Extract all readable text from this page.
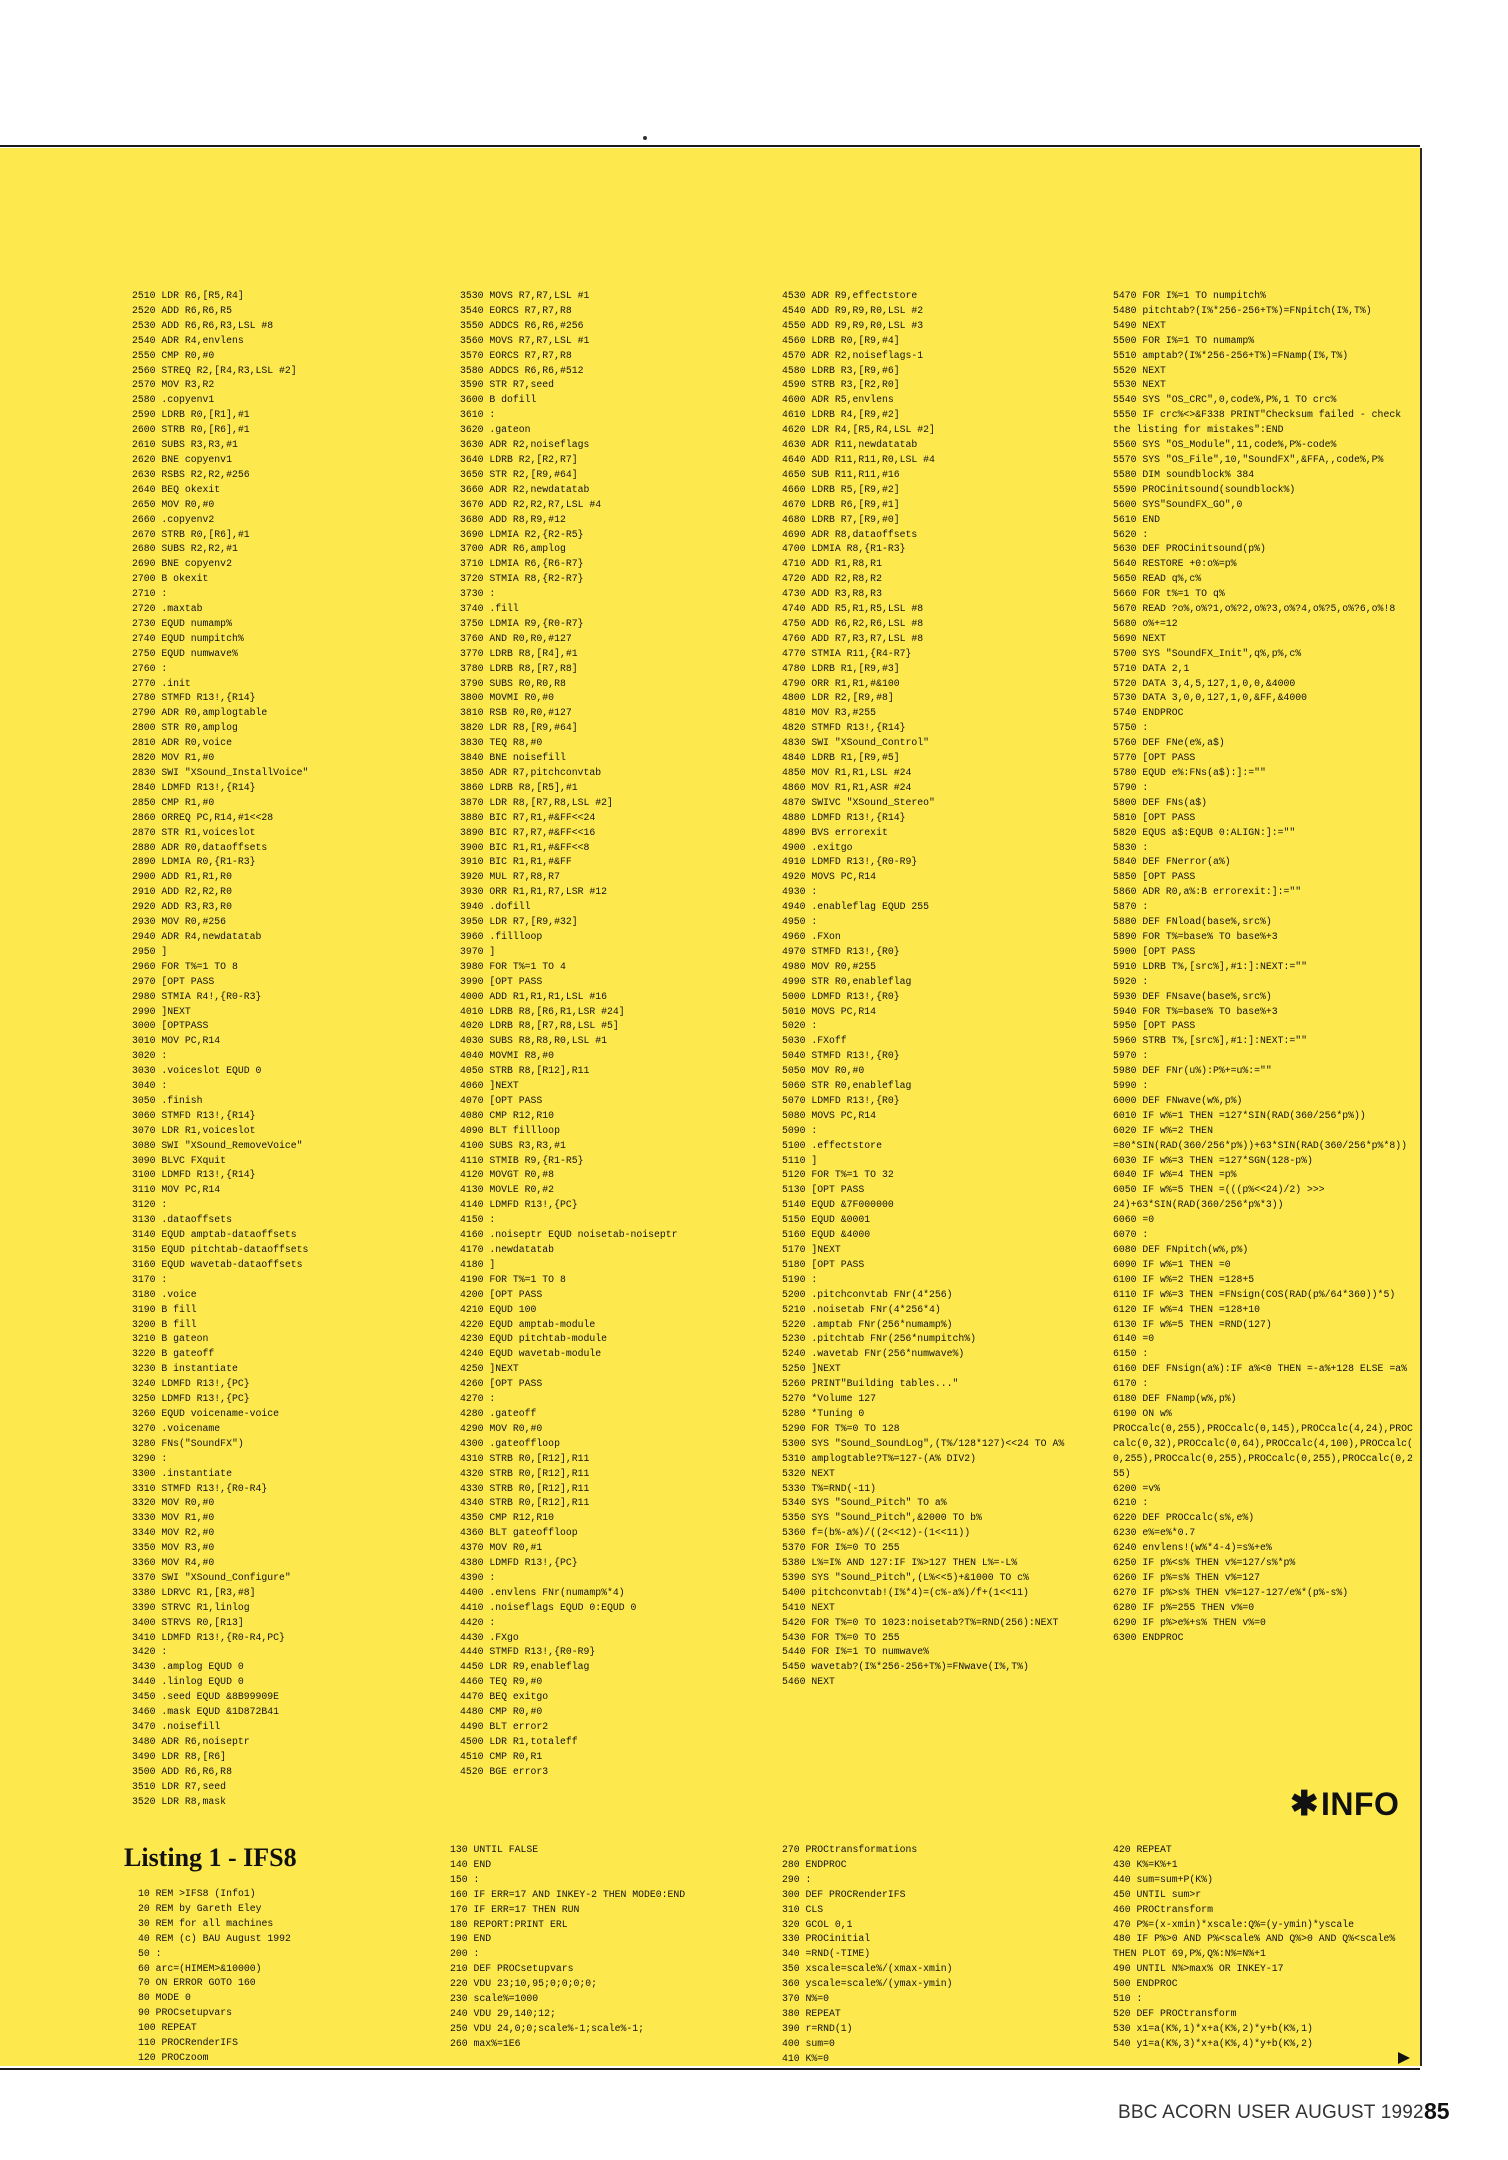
2510 LDR R6,[R5,R4]
2520 ADD R6,R6,R5
2530 ADD R6,R6,R3,LSL #8
2540 ADR R4,envlens
2550 CMP R0,#0
2560 STREQ R2,[R4,R3,LSL #2]
2570 MOV R3,R2
2580 .copyenv1
2590 LDRB R0,[R1],#1
2600 STRB R0,[R6],#1
2610 SUBS R3,R3,#1
2620 BNE copyenv1
2630 RSBS R2,R2,#256
2640 BEQ okexit
2650 MOV R0,#0
2660 .copyenv2
2670 STRB R0,[R6],#1
2680 SUBS R2,R2,#1
2690 BNE copyenv2
2700 B okexit
2710 :
2720 .maxtab
2730 EQUD numamp%
2740 EQUD numpitch%
2750 EQUD numwave%
2760 :
2770 .init
2780 STMFD R13!,{R14}
2790 ADR R0,amplogtable
2800 STR R0,amplog
2810 ADR R0,voice
2820 MOV R1,#0
2830 SWI "XSound_InstallVoice"
2840 LDMFD R13!,{R14}
2850 CMP R1,#0
2860 ORREQ PC,R14,#1<<28
2870 STR R1,voiceslot
2880 ADR R0,dataoffsets
2890 LDMIA R0,{R1-R3}
2900 ADD R1,R1,R0
2910 ADD R2,R2,R0
2920 ADD R3,R3,R0
2930 MOV R0,#256
2940 ADR R4,newdatatab
2950 ]
2960 FOR T%=1 TO 8
2970 [OPT PASS
2980 STMIA R4!,{R0-R3}
2990 ]NEXT
3000 [OPTPASS
3010 MOV PC,R14
3020 :
3030 .voiceslot EQUD 0
3040 :
3050 .finish
3060 STMFD R13!,{R14}
3070 LDR R1,voiceslot
3080 SWI "XSound_RemoveVoice"
3090 BLVC FXquit
3100 LDMFD R13!,{R14}
3110 MOV PC,R14
3120 :
3130 .dataoffsets
3140 EQUD amptab-dataoffsets
3150 EQUD pitchtab-dataoffsets
3160 EQUD wavetab-dataoffsets
3170 :
3180 .voice
3190 B fill
3200 B fill
3210 B gateon
3220 B gateoff
3230 B instantiate
3240 LDMFD R13!,{PC}
3250 LDMFD R13!,{PC}
3260 EQUD voicename-voice
3270 .voicename
3280 FNs("SoundFX")
3290 :
3300 .instantiate
3310 STMFD R13!,{R0-R4}
3320 MOV R0,#0
3330 MOV R1,#0
3340 MOV R2,#0
3350 MOV R3,#0
3360 MOV R4,#0
3370 SWI "XSound_Configure"
3380 LDRVC R1,[R3,#8]
3390 STRVC R1,linlog
3400 STRVS R0,[R13]
3410 LDMFD R13!,{R0-R4,PC}
3420 :
3430 .amplog EQUD 0
3440 .linlog EQUD 0
3450 .seed EQUD &8B99909E
3460 .mask EQUD &1D872B41
3470 .noisefill
3480 ADR R6,noiseptr
3490 LDR R8,[R6]
3500 ADD R6,R6,R8
3510 LDR R7,seed
3520 LDR R8,mask
3530 MOVS R7,R7,LSL #1
3540 EORCS R7,R7,R8
3550 ADDCS R6,R6,#256
3560 MOVS R7,R7,LSL #1
3570 EORCS R7,R7,R8
3580 ADDCS R6,R6,#512
3590 STR R7,seed
3600 B dofill
3610 :
3620 .gateon
3630 ADR R2,noiseflags
3640 LDRB R2,[R2,R7]
3650 STR R2,[R9,#64]
3660 ADR R2,newdatatab
3670 ADD R2,R2,R7,LSL #4
3680 ADD R8,R9,#12
3690 LDMIA R2,{R2-R5}
3700 ADR R6,amplog
3710 LDMIA R6,{R6-R7}
3720 STMIA R8,{R2-R7}
3730 :
3740 .fill
3750 LDMIA R9,{R0-R7}
3760 AND R0,R0,#127
3770 LDRB R8,[R4],#1
3780 LDRB R8,[R7,R8]
3790 SUBS R0,R0,R8
3800 MOVMI R0,#0
3810 RSB R0,R0,#127
3820 LDR R8,[R9,#64]
3830 TEQ R8,#0
3840 BNE noisefill
3850 ADR R7,pitchconvtab
3860 LDRB R8,[R5],#1
3870 LDR R8,[R7,R8,LSL #2]
3880 BIC R7,R1,#&FF<<24
3890 BIC R7,R7,#&FF<<16
3900 BIC R1,R1,#&FF<<8
3910 BIC R1,R1,#&FF
3920 MUL R7,R8,R7
3930 ORR R1,R1,R7,LSR #12
3940 .dofill
3950 LDR R7,[R9,#32]
3960 .fillloop
3970 ]
3980 FOR T%=1 TO 4
3990 [OPT PASS
4000 ADD R1,R1,R1,LSL #16
4010 LDRB R8,[R6,R1,LSR #24]
4020 LDRB R8,[R7,R8,LSL #5]
4030 SUBS R8,R8,R0,LSL #1
4040 MOVMI R8,#0
4050 STRB R8,[R12],R11
4060 ]NEXT
4070 [OPT PASS
4080 CMP R12,R10
4090 BLT fillloop
4100 SUBS R3,R3,#1
4110 STMIB R9,{R1-R5}
4120 MOVGT R0,#8
4130 MOVLE R0,#2
4140 LDMFD R13!,{PC}
4150 :
4160 .noiseptr EQUD noisetab-noiseptr
4170 .newdatatab
4180 ]
4190 FOR T%=1 TO 8
4200 [OPT PASS
4210 EQUD 100
4220 EQUD amptab-module
4230 EQUD pitchtab-module
4240 EQUD wavetab-module
4250 ]NEXT
4260 [OPT PASS
4270 :
4280 .gateoff
4290 MOV R0,#0
4300 .gateoffloop
4310 STRB R0,[R12],R11
4320 STRB R0,[R12],R11
4330 STRB R0,[R12],R11
4340 STRB R0,[R12],R11
4350 CMP R12,R10
4360 BLT gateoffloop
4370 MOV R0,#1
4380 LDMFD R13!,{PC}
4390 :
4400 .envlens FNr(numamp%*4)
4410 .noiseflags EQUD 0:EQUD 0
4420 :
4430 .FXgo
4440 STMFD R13!,{R0-R9}
4450 LDR R9,enableflag
4460 TEQ R9,#0
4470 BEQ exitgo
4480 CMP R0,#0
4490 BLT error2
4500 LDR R1,totaleff
4510 CMP R0,R1
4520 BGE error3
4530 ADR R9,effectstore
4540 ADD R9,R9,R0,LSL #2
4550 ADD R9,R9,R0,LSL #3
4560 LDRB R0,[R9,#4]
4570 ADR R2,noiseflags-1
4580 LDRB R3,[R9,#6]
4590 STRB R3,[R2,R0]
4600 ADR R5,envlens
4610 LDRB R4,[R9,#2]
4620 LDR R4,[R5,R4,LSL #2]
4630 ADR R11,newdatatab
4640 ADD R11,R11,R0,LSL #4
4650 SUB R11,R11,#16
4660 LDRB R5,[R9,#2]
4670 LDRB R6,[R9,#1]
4680 LDRB R7,[R9,#0]
4690 ADR R8,dataoffsets
4700 LDMIA R8,{R1-R3}
4710 ADD R1,R8,R1
4720 ADD R2,R8,R2
4730 ADD R3,R8,R3
4740 ADD R5,R1,R5,LSL #8
4750 ADD R6,R2,R6,LSL #8
4760 ADD R7,R3,R7,LSL #8
4770 STMIA R11,{R4-R7}
4780 LDRB R1,[R9,#3]
4790 ORR R1,R1,#&100
4800 LDR R2,[R9,#8]
4810 MOV R3,#255
4820 STMFD R13!,{R14}
4830 SWI "XSound_Control"
4840 LDRB R1,[R9,#5]
4850 MOV R1,R1,LSL #24
4860 MOV R1,R1,ASR #24
4870 SWIVC "XSound_Stereo"
4880 LDMFD R13!,{R14}
4890 BVS errorexit
4900 .exitgo
4910 LDMFD R13!,{R0-R9}
4920 MOVS PC,R14
4930 :
4940 .enableflag EQUD 255
4950 :
4960 .FXon
4970 STMFD R13!,{R0}
4980 MOV R0,#255
4990 STR R0,enableflag
5000 LDMFD R13!,{R0}
5010 MOVS PC,R14
5020 :
5030 .FXoff
5040 STMFD R13!,{R0}
5050 MOV R0,#0
5060 STR R0,enableflag
5070 LDMFD R13!,{R0}
5080 MOVS PC,R14
5090 :
5100 .effectstore
5110 ]
5120 FOR T%=1 TO 32
5130 [OPT PASS
5140 EQUD &7F000000
5150 EQUD &0001
5160 EQUD &4000
5170 ]NEXT
5180 [OPT PASS
5190 :
5200 .pitchconvtab FNr(4*256)
5210 .noisetab FNr(4*256*4)
5220 .amptab FNr(256*numamp%)
5230 .pitchtab FNr(256*numpitch%)
5240 .wavetab FNr(256*numwave%)
5250 ]NEXT
5260 PRINT"Building tables..."
5270 *Volume 127
5280 *Tuning 0
5290 FOR T%=0 TO 128
5300 SYS "Sound_SoundLog",(T%/128*127)<<24 TO A%
5310 amplogtable?T%=127-(A% DIV2)
5320 NEXT
5330 T%=RND(-11)
5340 SYS "Sound_Pitch" TO a%
5350 SYS "Sound_Pitch",&2000 TO b%
5360 f=(b%-a%)/((2<<12)-(1<<11))
5370 FOR I%=0 TO 255
5380 L%=I% AND 127:IF I%>127 THEN L%=-L%
5390 SYS "Sound_Pitch",(L%<<5)+&1000 TO c%
5400 pitchconvtab!(I%*4)=(c%-a%)/f+(1<<11)
5410 NEXT
5420 FOR T%=0 TO 1023:noisetab?T%=RND(256):NEXT
5430 FOR T%=0 TO 255
5440 FOR I%=1 TO numwave%
5450 wavetab?(I%*256-256+T%)=FNwave(I%,T%)
5460 NEXT
5470 FOR I%=1 TO numpitch%
5480 pitchtab?(I%*256-256+T%)=FNpitch(I%,T%)
5490 NEXT
5500 FOR I%=1 TO numamp%
5510 amptab?(I%*256-256+T%)=FNamp(I%,T%)
5520 NEXT
5530 NEXT
5540 SYS "OS_CRC",0,code%,P%,1 TO crc%
5550 IF crc%<>&F338 PRINT"Checksum failed - check the listing for mistakes":END
5560 SYS "OS_Module",11,code%,P%-code%
5570 SYS "OS_File",10,"SoundFX",&FFA,,code%,P%
5580 DIM soundblock% 384
5590 PROCinitsound(soundblock%)
5600 SYS"SoundFX_GO",0
5610 END
5620 :
5630 DEF PROCinitsound(p%)
5640 RESTORE +0:o%=p%
5650 READ q%,c%
5660 FOR t%=1 TO q%
5670 READ ?o%,o%?1,o%?2,o%?3,o%?4,o%?5,o%?6,o%!8
5680 o%+=12
5690 NEXT
5700 SYS "SoundFX_Init",q%,p%,c%
5710 DATA 2,1
5720 DATA 3,4,5,127,1,0,0,&4000
5730 DATA 3,0,0,127,1,0,&FF,&4000
5740 ENDPROC
5750 :
5760 DEF FNe(e%,a$)
5770 [OPT PASS
5780 EQUD e%:FNs(a$):]:=""
5790 :
5800 DEF FNs(a$)
5810 [OPT PASS
5820 EQUS a$:EQUB 0:ALIGN:]:=""
5830 :
5840 DEF FNerror(a%)
5850 [OPT PASS
5860 ADR R0,a%:B errorexit:]:=""
5870 :
5880 DEF FNload(base%,src%)
5890 FOR T%=base% TO base%+3
5900 [OPT PASS
5910 LDRB T%,[src%],#1:]:NEXT:=""
5920 :
5930 DEF FNsave(base%,src%)
5940 FOR T%=base% TO base%+3
5950 [OPT PASS
5960 STRB T%,[src%],#1:]:NEXT:=""
5970 :
5980 DEF FNr(u%):P%+=u%:=""
5990 :
6000 DEF FNwave(w%,p%)
6010 IF w%=1 THEN =127*SIN(RAD(360/256*p%))
6020 IF w%=2 THEN =80*SIN(RAD(360/256*p%))+63*SIN(RAD(360/256*p%*8))
6030 IF w%=3 THEN =127*SGN(128-p%)
6040 IF w%=4 THEN =p%
6050 IF w%=5 THEN =(((p%<<24)/2) >>> 24)+63*SIN(RAD(360/256*p%*3))
6060 =0
6070 :
6080 DEF FNpitch(w%,p%)
6090 IF w%=1 THEN =0
6100 IF w%=2 THEN =128+5
6110 IF w%=3 THEN =FNsign(COS(RAD(p%/64*360))*5)
6120 IF w%=4 THEN =128+10
6130 IF w%=5 THEN =RND(127)
6140 =0
6150 :
6160 DEF FNsign(a%):IF a%<0 THEN =-a%+128 ELSE =a%
6170 :
6180 DEF FNamp(w%,p%)
6190 ON w% PROCcalc(0,255),PROCcalc(0,145),PROCcalc(4,24),PROCcalc(0,32),PROCcalc(0,64),PROCcalc(4,100),PROCcalc(0,255),PROCcalc(0,255),PROCcalc(0,255),PROCcalc(0,255)
6200 =v%
6210 :
6220 DEF PROCcalc(s%,e%)
6230 e%=e%*0.7
6240 envlens!(w%*4-4)=s%+e%
6250 IF p%<s% THEN v%=127/s%*p%
6260 IF p%=s% THEN v%=127
6270 IF p%>s% THEN v%=127-127/e%*(p%-s%)
6280 IF p%=255 THEN v%=0
6290 IF p%>e%+s% THEN v%=0
6300 ENDPROC
✱INFO
Listing 1 - IFS8
10 REM >IFS8 (Info1)
20 REM by Gareth Eley
30 REM for all machines
40 REM (c) BAU August 1992
50 :
60 arc=(HIMEM>&10000)
70 ON ERROR GOTO 160
80 MODE 0
90 PROCsetupvars
100 REPEAT
110 PROCRenderIFS
120 PROCzoom
130 UNTIL FALSE
140 END
150 :
160 IF ERR=17 AND INKEY-2 THEN MODE0:END
170 IF ERR=17 THEN RUN
180 REPORT:PRINT ERL
190 END
200 :
210 DEF PROCsetupvars
220 VDU 23;10,95;0;0;0;0;
230 scale%=1000
240 VDU 29,140;12;
250 VDU 24,0;0;scale%-1;scale%-1;
260 max%=1E6
270 PROCtransformations
280 ENDPROC
290 :
300 DEF PROCRenderIFS
310 CLS
320 GCOL 0,1
330 PROCinitial
340 =RND(-TIME)
350 xscale=scale%/(xmax-xmin)
360 yscale=scale%/(ymax-ymin)
370 N%=0
380 REPEAT
390 r=RND(1)
400 sum=0
410 K%=0
420 REPEAT
430 K%=K%+1
440 sum=sum+P(K%)
450 UNTIL sum>r
460 PROCtransform
470 P%=(x-xmin)*xscale:Q%=(y-ymin)*yscale
480 IF P%>0 AND P%<scale% AND Q%>0 AND Q%<scale% THEN PLOT 69,P%,Q%:N%=N%+1
490 UNTIL N%>max% OR INKEY-17
500 ENDPROC
510 :
520 DEF PROCtransform
530 x1=a(K%,1)*x+a(K%,2)*y+b(K%,1)
540 y1=a(K%,3)*x+a(K%,4)*y+b(K%,2)
BBC ACORN USER AUGUST 1992 85
